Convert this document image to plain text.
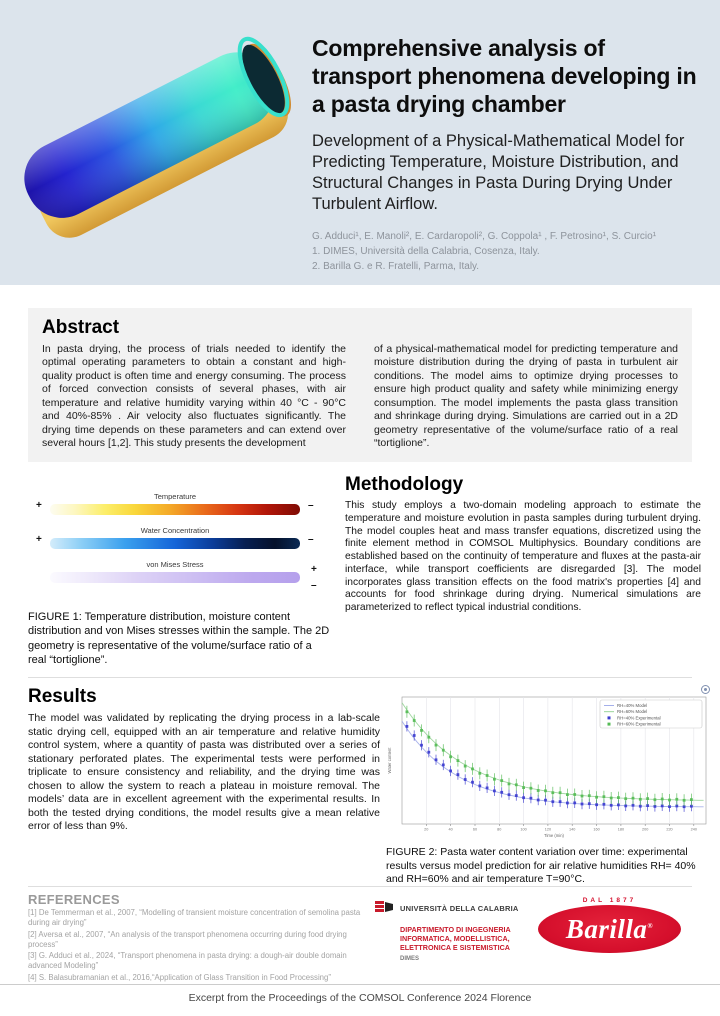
Comprehensive analysis of transport phenomena developing in a pasta drying chamber
Development of a Physical-Mathematical Model for Predicting Temperature, Moisture Distribution, and Structural Changes in Pasta During Drying Under Turbulent Airflow.
G. Adduci¹, E. Manoli², E. Cardaropoli², G. Coppola¹ , F. Petrosino¹, S. Curcio¹
1. DIMES, Università della Calabria, Cosenza, Italy.
2. Barilla G. e R. Fratelli, Parma, Italy.
Abstract
In pasta drying, the process of trials needed to identify the optimal operating parameters to obtain a constant and high-quality product is often time and energy consuming. The process of forced convection consists of several phases, with air temperature and relative humidity varying within 40 °C - 90°C and 40%-85% . Air velocity also fluctuates significantly. The drying time depends on these parameters and can extend over several hours [1,2]. This study presents the development
of a physical-mathematical model for predicting temperature and moisture distribution during the drying of pasta in turbulent air conditions. The model aims to optimize drying processes to ensure high product quality and safety while minimizing energy consumption. The model implements the pasta glass transition and shrinkage during drying. Simulations are carried out in a 2D geometry representative of the volume/surface ratio of a real “tortiglione”.
Temperature
+	–
Water Concentration
+	–
von Mises Stress	+
–
FIGURE 1: Temperature distribution, moisture content distribution and von Mises stresses within the sample. The 2D geometry is representative of the volume/surface ratio of a real “tortiglione”.
Methodology
This study employs a two-domain modeling approach to estimate the temperature and moisture evolution in pasta samples during turbulent drying. The model couples heat and mass transfer equations, discretized using the finite element method in COMSOL Multiphysics. Boundary conditions are established based on the continuity of temperature and fluxes at the pasta-air interface, while transport coefficients are disregarded [3]. The model incorporates glass transition effects on the food matrix's properties [4] and accounts for food shrinkage during drying. Numerical simulations are parameterized to reflect typical industrial conditions.
Results
The model was validated by replicating the drying process in a lab-scale static drying cell, equipped with an air temperature and relative humidity control system, where a quantity of pasta was distributed over a series of stationary perforated plates. The experimental tests were performed in triplicate to ensure consistency and reliability, and the drying time was chosen to allow the system to reach a plateau in moisture removal. The models’ data are in excellent agreement with the experimental results. In both the tested drying conditions, the model results give a mean relative error of less than 9%.	20	40	60	80	100	120	140	160	180	200	220	240
RH=40% Model
RH=60% Model
RH=40% Experimental
RH=60% Experimental
Time (min)
Water content
FIGURE 2: Pasta water content variation over time: experimental results versus model prediction for air relative humidities RH= 40% and RH=60% and air temperature T=90°C.
REFERENCES
[1] De Temmerman et al., 2007, “Modelling of transient moisture concentration of semolina pasta during air drying”
[2] Aversa et al., 2007, “An analysis of the transport phenomena occurring during food drying process”
[3] G. Adduci et al., 2024, “Transport phenomena in pasta drying: a dough-air double domain advanced Modeling”
[4] S. Balasubramanian et al., 2016,“Application of Glass Transition in Food Processing”
UNIVERSITÀ DELLA CALABRIA
DIPARTIMENTO DI INGEGNERIA INFORMATICA, MODELLISTICA, ELETTRONICA E SISTEMISTICA
DIMES
DAL 1877
Barilla®
Excerpt from the Proceedings of the COMSOL Conference 2024 Florence
